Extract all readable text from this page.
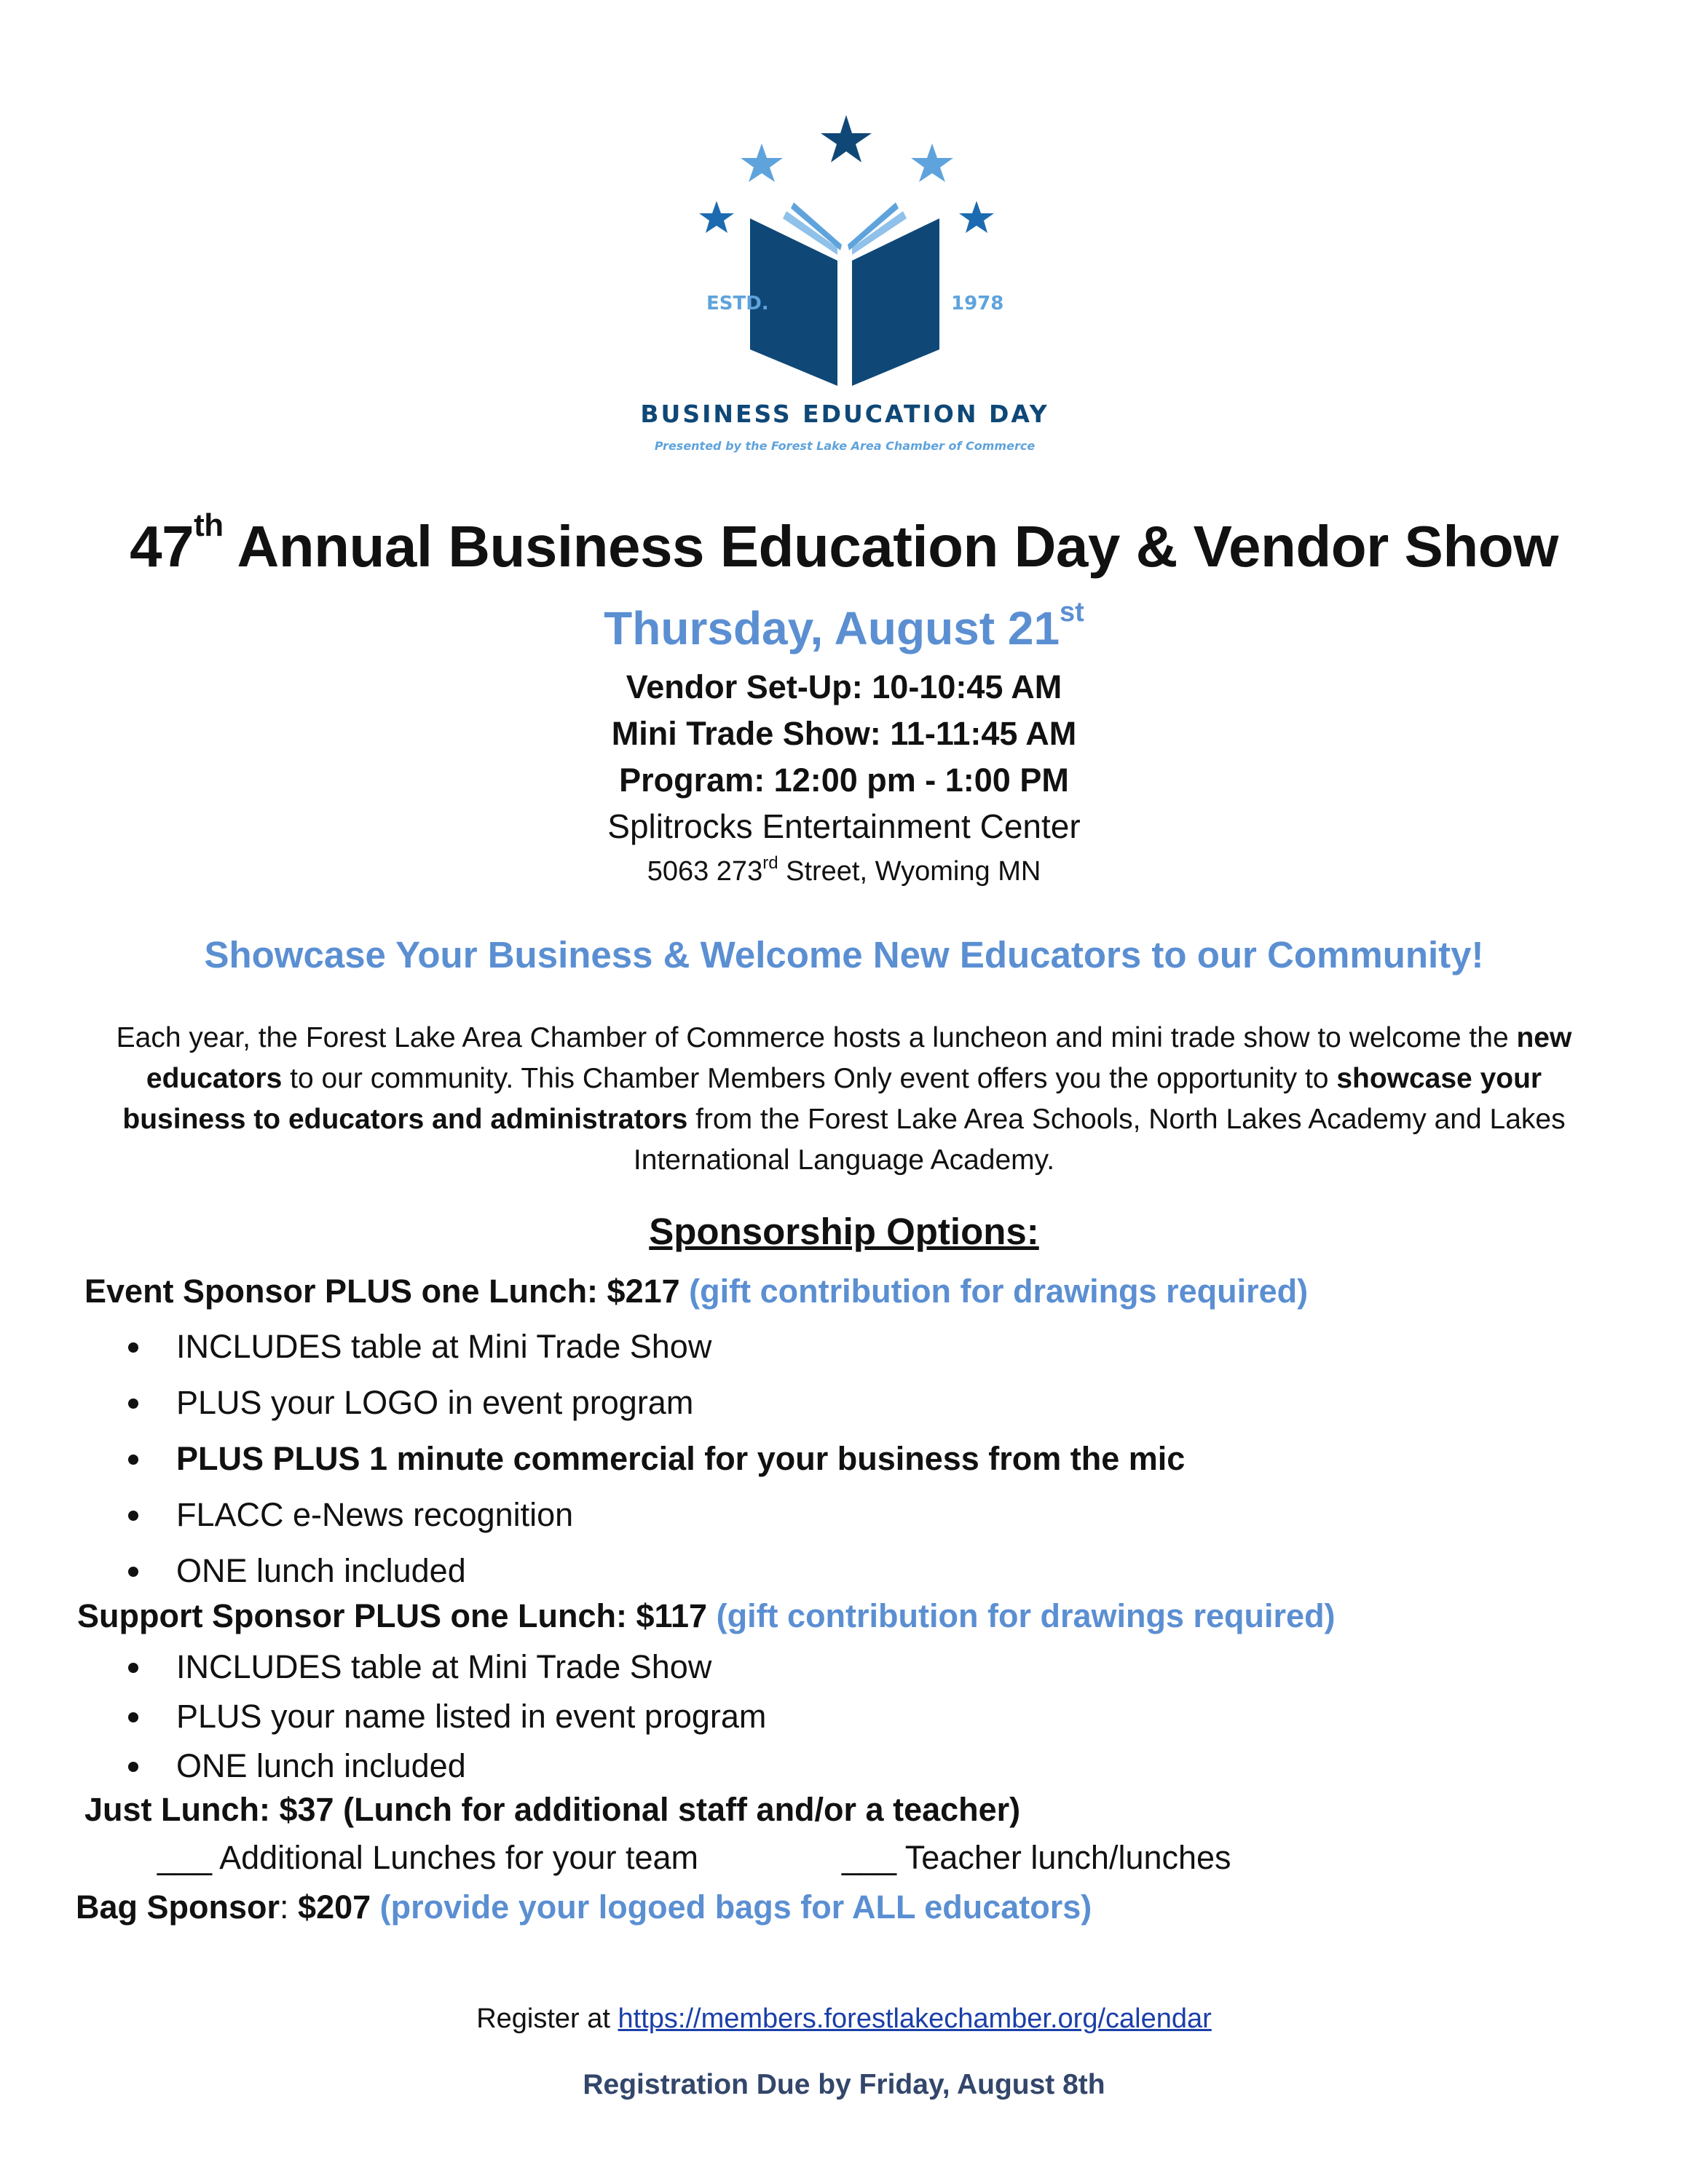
ESTD.	1978
BUSINESS EDUCATION DAY
Presented by the Forest Lake Area Chamber of Commerce
47th Annual Business Education Day & Vendor Show
Thursday, August 21st
Vendor Set-Up: 10-10:45 AM
Mini Trade Show: 11-11:45 AM
Program: 12:00 pm - 1:00 PM
Splitrocks Entertainment Center
5063 273rd Street, Wyoming MN
Showcase Your Business & Welcome New Educators to our Community!
Each year, the Forest Lake Area Chamber of Commerce hosts a luncheon and mini trade show to welcome the new educators to our community. This Chamber Members Only event offers you the opportunity to showcase your business to educators and administrators from the Forest Lake Area Schools, North Lakes Academy and Lakes International Language Academy.
Sponsorship Options:
Event Sponsor PLUS one Lunch: $217 (gift contribution for drawings required)
INCLUDES table at Mini Trade Show
PLUS your LOGO in event program
PLUS PLUS 1 minute commercial for your business from the mic
FLACC e-News recognition
ONE lunch included
Support Sponsor PLUS one Lunch: $117 (gift contribution for drawings required)
INCLUDES table at Mini Trade Show
PLUS your name listed in event program
ONE lunch included
Just Lunch: $37 (Lunch for additional staff and/or a teacher)
___ Additional Lunches for your team	___ Teacher lunch/lunches
Bag Sponsor: $207 (provide your logoed bags for ALL educators)
Register at https://members.forestlakechamber.org/calendar
Registration Due by Friday, August 8th
